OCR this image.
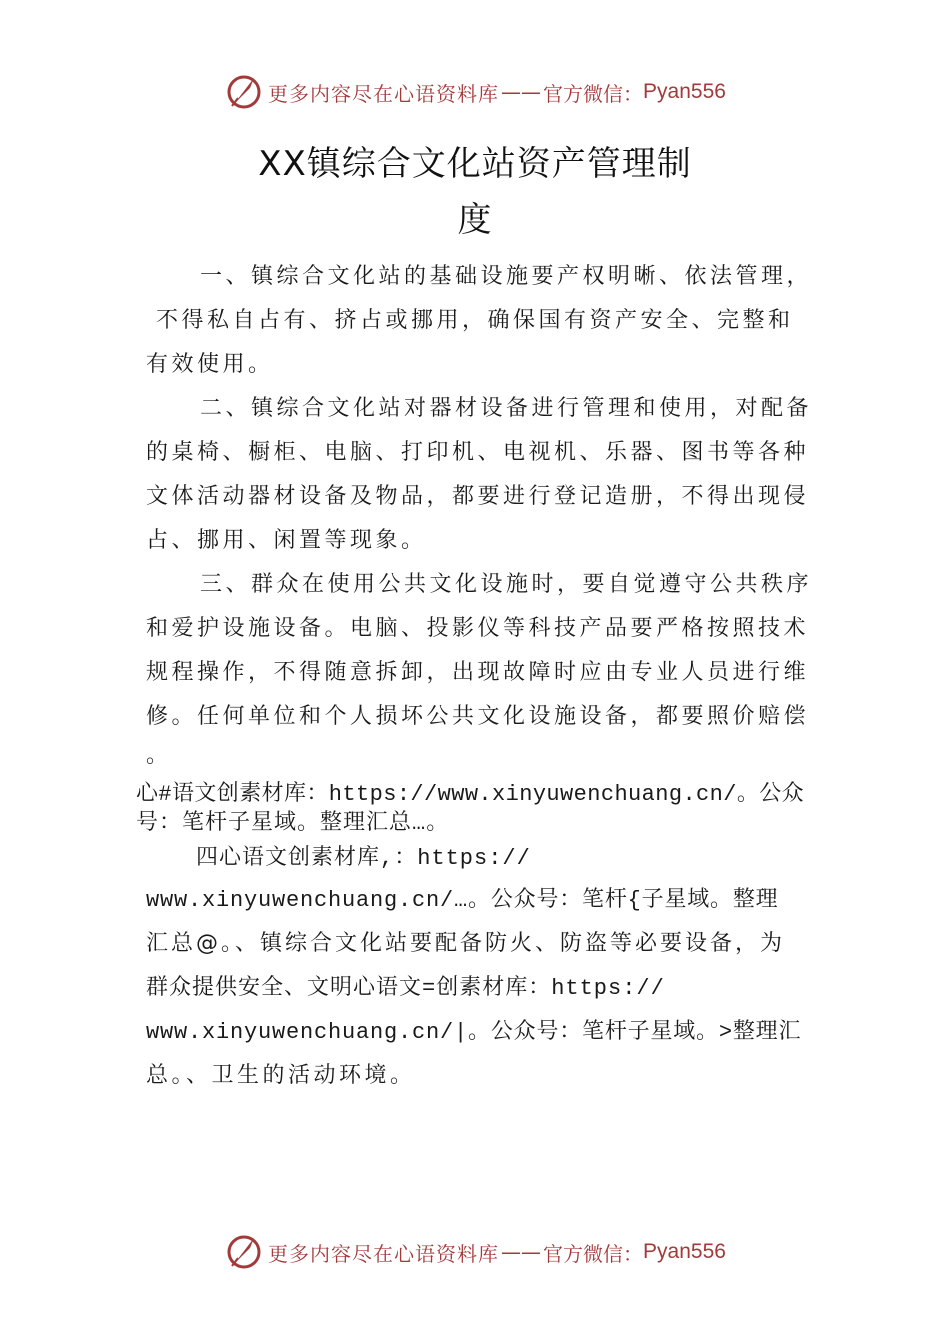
更多内容尽在心语资料库 —— 官方微信： Pyan556
XX镇综合文化站资产管理制
度
一、镇综合文化站的基础设施要产权明晰、依法管理，
不得私自占有、挤占或挪用，确保国有资产安全、完整和
有效使用。
二、镇综合文化站对器材设备进行管理和使用，对配备
的桌椅、橱柜、电脑、打印机、电视机、乐器、图书等各种
文体活动器材设备及物品，都要进行登记造册，不得出现侵
占、挪用、闲置等现象。
三、群众在使用公共文化设施时，要自觉遵守公共秩序
和爱护设施设备。电脑、投影仪等科技产品要严格按照技术
规程操作，不得随意拆卸，出现故障时应由专业人员进行维
修。任何单位和个人损坏公共文化设施设备，都要照价赔偿
。
心#语文创素材库：https://www.xinyuwenchuang.cn/。公众
号：笔杆子星域。整理汇总…。
四心语文创素材库,：https://
www.xinyuwenchuang.cn/…。公众号：笔杆{子星域。整理
汇总@。、镇综合文化站要配备防火、防盗等必要设备，为
群众提供安全、文明心语文=创素材库：https://
www.xinyuwenchuang.cn/|。公众号：笔杆子星域。>整理汇
总。、卫生的活动环境。
更多内容尽在心语资料库 —— 官方微信： Pyan556
